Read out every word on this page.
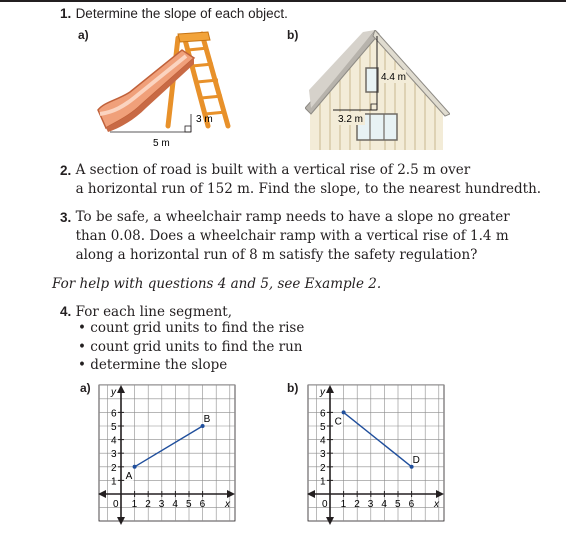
1. Determine the slope of each object.
a)	b)
3 m
5 m
4.4 m
3.2 m
2. A section of road is built with a vertical rise of 2.5 m over
a horizontal run of 152 m. Find the slope, to the nearest hundredth.
3. To be safe, a wheelchair ramp needs to have a slope no greater
than 0.08. Does a wheelchair ramp with a vertical rise of 1.4 m
along a horizontal run of 8 m satisfy the safety regulation?
For help with questions 4 and 5, see Example 2.
4. For each line segment,
• count grid units to find the rise
• count grid units to find the run
• determine the slope
a)	b)
y
x
0 1 2 3 4 5 6
1
2
3
4
5
6
A
B
y
x
0 1 2 3 4 5 6
1
2
3
4
5
6
C
D
